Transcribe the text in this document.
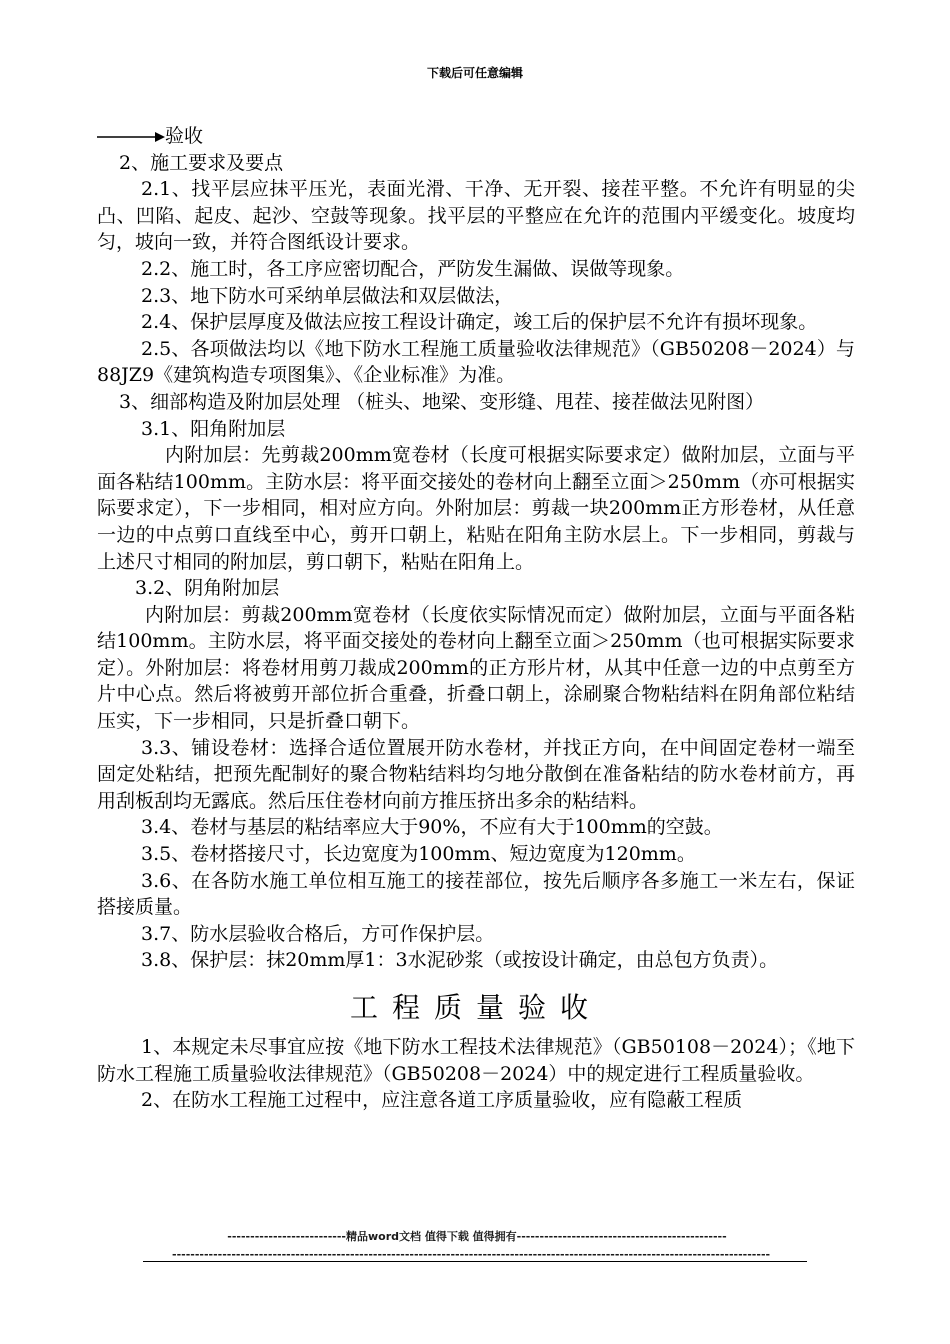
下载后可任意编辑

验收

2、施工要求及要点

2.1、找平层应抹平压光，表面光滑、干净、无开裂、接茬平整。不允许有明显的尖凸、凹陷、起皮、起沙、空鼓等现象。找平层的平整应在允许的范围内平缓变化。坡度均匀，坡向一致，并符合图纸设计要求。

2.2、施工时，各工序应密切配合，严防发生漏做、误做等现象。

2.3、地下防水可采纳单层做法和双层做法，

2.4、保护层厚度及做法应按工程设计确定，竣工后的保护层不允许有损坏现象。

2.5、各项做法均以《地下防水工程施工质量验收法律规范》（GB50208－2024）与88JZ9《建筑构造专项图集》、《企业标准》为准。

3、细部构造及附加层处理 （桩头、地梁、变形缝、甩茬、接茬做法见附图）

3.1、阳角附加层

内附加层：先剪裁200mm宽卷材（长度可根据实际要求定）做附加层，立面与平面各粘结100mm。主防水层：将平面交接处的卷材向上翻至立面＞250mm（亦可根据实际要求定），下一步相同，相对应方向。外附加层：剪裁一块200mm正方形卷材，从任意一边的中点剪口直线至中心，剪开口朝上，粘贴在阳角主防水层上。下一步相同，剪裁与上述尺寸相同的附加层，剪口朝下，粘贴在阳角上。

3.2、阴角附加层

内附加层：剪裁200mm宽卷材（长度依实际情况而定）做附加层，立面与平面各粘结100mm。主防水层，将平面交接处的卷材向上翻至立面＞250mm（也可根据实际要求定）。外附加层：将卷材用剪刀裁成200mm的正方形片材，从其中任意一边的中点剪至方片中心点。然后将被剪开部位折合重叠，折叠口朝上，涂刷聚合物粘结料在阴角部位粘结压实，下一步相同，只是折叠口朝下。

3.3、铺设卷材：选择合适位置展开防水卷材，并找正方向，在中间固定卷材一端至固定处粘结，把预先配制好的聚合物粘结料均匀地分散倒在准备粘结的防水卷材前方，再用刮板刮均无露底。然后压住卷材向前方推压挤出多余的粘结料。

3.4、卷材与基层的粘结率应大于90%，不应有大于100mm的空鼓。

3.5、卷材搭接尺寸，长边宽度为100mm、短边宽度为120mm。

3.6、在各防水施工单位相互施工的接茬部位，按先后顺序各多施工一米左右，保证搭接质量。

3.7、防水层验收合格后，方可作保护层。

3.8、保护层：抹20mm厚1：3水泥砂浆（或按设计确定，由总包方负责）。

工程质量验收

1、本规定未尽事宜应按《地下防水工程技术法律规范》（GB50108－2024）；《地下防水工程施工质量验收法律规范》（GB50208－2024）中的规定进行工程质量验收。

2、在防水工程施工过程中，应注意各道工序质量验收，应有隐蔽工程质

--------------------------精品word文档 值得下载 值得拥有----------------------------------------------
-----------------------------------------------------------------------------------------------------------------------------------
